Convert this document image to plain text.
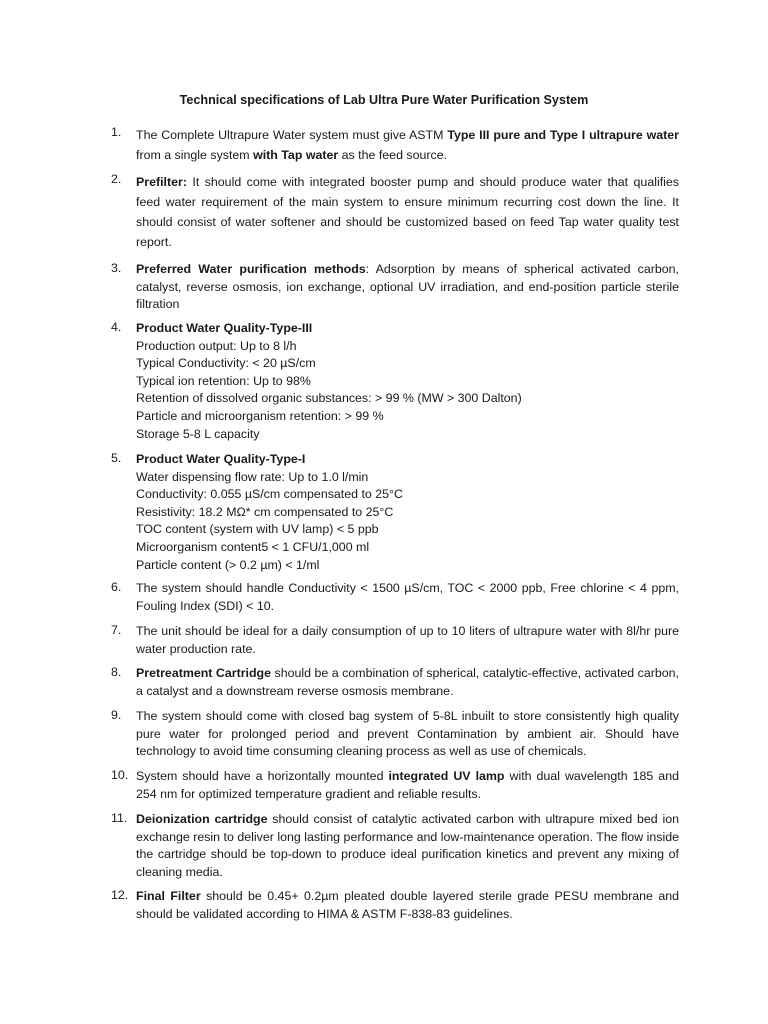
Technical specifications of Lab Ultra Pure Water Purification System
1.	The Complete Ultrapure Water system must give ASTM Type III pure and Type I ultrapure water from a single system with Tap water as the feed source.
2.	Prefilter: It should come with integrated booster pump and should produce water that qualifies feed water requirement of the main system to ensure minimum recurring cost down the line. It should consist of water softener and should be customized based on feed Tap water quality test report.
3.	Preferred Water purification methods: Adsorption by means of spherical activated carbon, catalyst, reverse osmosis, ion exchange, optional UV irradiation, and end-position particle sterile filtration
4.	Product Water Quality-Type-III
Production output: Up to 8 l/h
Typical Conductivity: < 20 µS/cm
Typical ion retention: Up to 98%
Retention of dissolved organic substances: > 99 % (MW > 300 Dalton)
Particle and microorganism retention: > 99 %
Storage 5-8 L capacity
5.	Product Water Quality-Type-I
Water dispensing flow rate: Up to 1.0 l/min
Conductivity: 0.055 µS/cm compensated to 25°C
Resistivity: 18.2 MΩ* cm compensated to 25°C
TOC content (system with UV lamp) < 5 ppb
Microorganism content5 < 1 CFU/1,000 ml
Particle content (> 0.2 µm) < 1/ml
6.	The system should handle Conductivity < 1500 µS/cm, TOC < 2000 ppb, Free chlorine < 4 ppm, Fouling Index (SDI) < 10.
7.	The unit should be ideal for a daily consumption of up to 10 liters of ultrapure water with 8l/hr pure water production rate.
8.	Pretreatment Cartridge should be a combination of spherical, catalytic-effective, activated carbon, a catalyst and a downstream reverse osmosis membrane.
9.	The system should come with closed bag system of 5-8L inbuilt to store consistently high quality pure water for prolonged period and prevent Contamination by ambient air. Should have technology to avoid time consuming cleaning process as well as use of chemicals.
10. System should have a horizontally mounted integrated UV lamp with dual wavelength 185 and 254 nm for optimized temperature gradient and reliable results.
11. Deionization cartridge should consist of catalytic activated carbon with ultrapure mixed bed ion exchange resin to deliver long lasting performance and low-maintenance operation. The flow inside the cartridge should be top-down to produce ideal purification kinetics and prevent any mixing of cleaning media.
12. Final Filter should be 0.45+ 0.2µm pleated double layered sterile grade PESU membrane and should be validated according to HIMA & ASTM F-838-83 guidelines.
